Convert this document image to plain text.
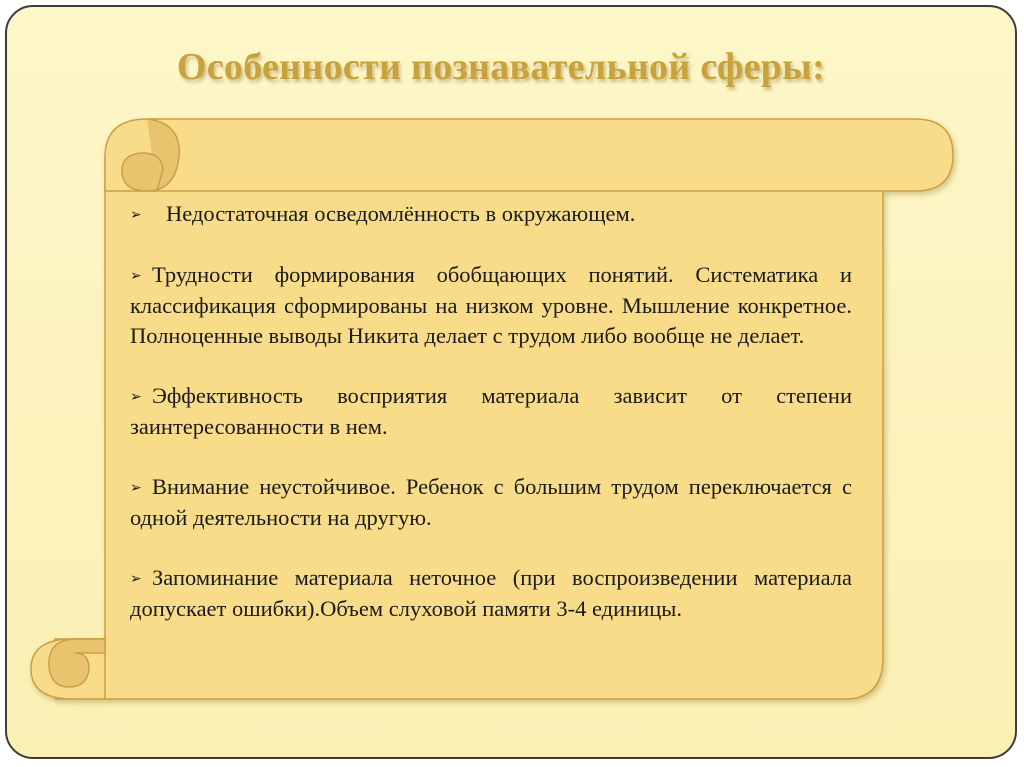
Особенности познавательной сферы:
➢ Недостаточная осведомлённость в окружающем.
➢ Трудности формирования обобщающих понятий. Систематика и классификация сформированы на низком уровне. Мышление конкретное. Полноценные выводы Никита делает с трудом либо вообще не делает.
➢ Эффективность восприятия материала зависит от степени заинтересованности в нем.
➢ Внимание неустойчивое. Ребенок с большим трудом переключается с одной деятельности на другую.
➢ Запоминание материала неточное (при воспроизведении материала допускает ошибки).Объем слуховой памяти 3-4 единицы.
